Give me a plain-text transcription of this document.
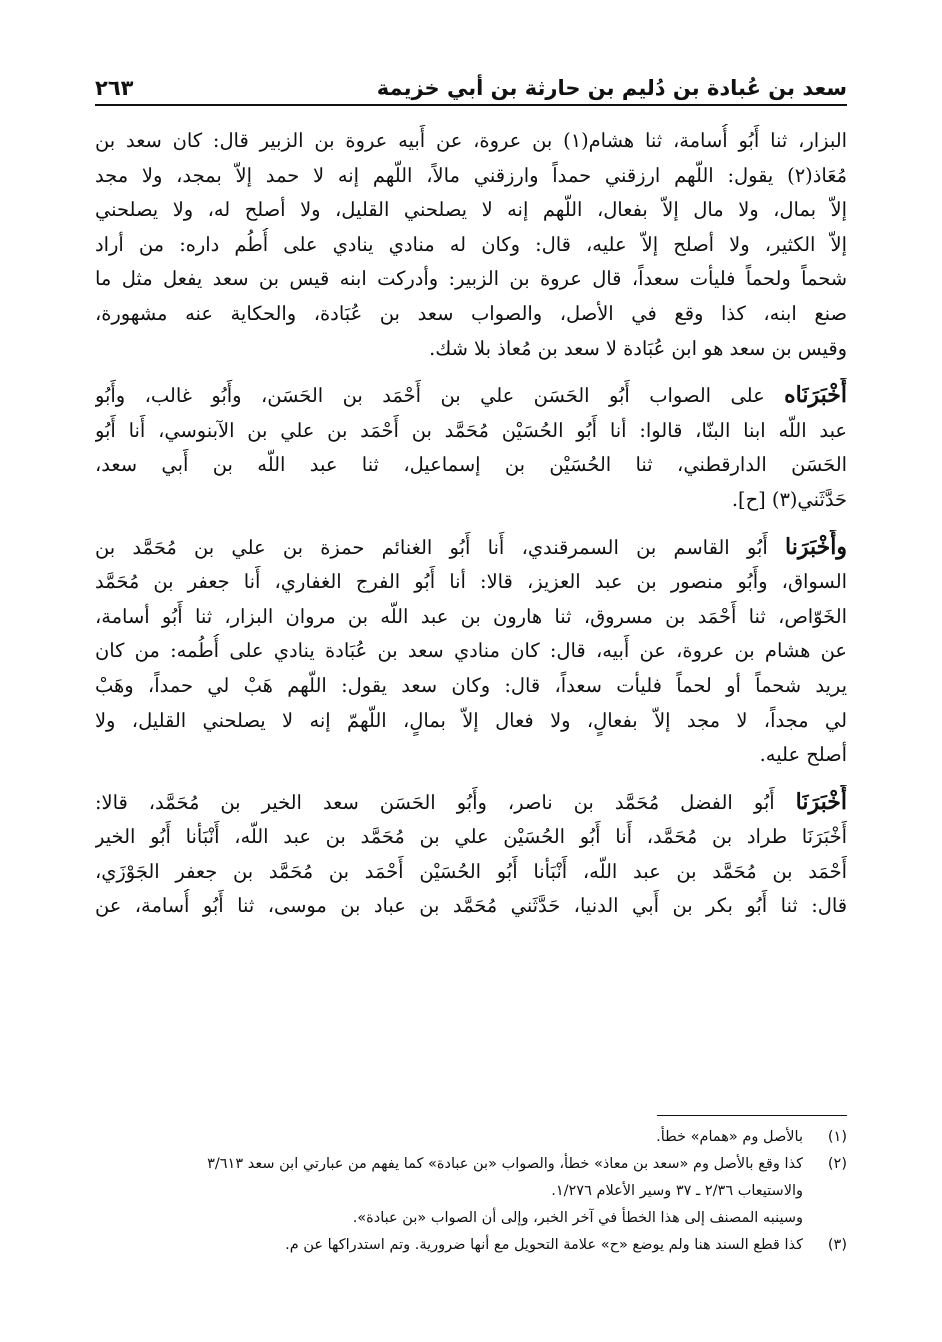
سعد بن عُبادة بن دُليم بن حارثة بن أبي خزيمة
٢٦٣
البزار، ثنا أَبُو أُسامة، ثنا هشام(١) بن عروة، عن أَبيه عروة بن الزبير قال: كان سعد بن
مُعَاذ(٢) يقول: اللّهم ارزقني حمداً وارزقني مالاً، اللّهم إنه لا حمد إلاّ بمجد، ولا مجد
إلاّ بمال، ولا مال إلاّ بفعال، اللّهم إنه لا يصلحني القليل، ولا أصلح له، ولا يصلحني
إلاّ الكثير، ولا أصلح إلاّ عليه، قال: وكان له منادي ينادي على أُطُم داره: من أراد
شحماً ولحماً فليأت سعداً، قال عروة بن الزبير: وأدركت ابنه قيس بن سعد يفعل مثل ما
صنع ابنه، كذا وقع في الأصل، والصواب سعد بن عُبَادة، والحكاية عنه مشهورة،
وقيس بن سعد هو ابن عُبَادة لا سعد بن مُعاذ بلا شك.
أَخْبَرَنَاه على الصواب أَبُو الحَسَن علي بن أَحْمَد بن الحَسَن، وأَبُو غالب، وأَبُو
عبد اللّه ابنا البنّا، قالوا: أنا أَبُو الحُسَيْن مُحَمَّد بن أَحْمَد بن علي بن الآبنوسي، أَنا أَبُو
الحَسَن الدارقطني، ثنا الحُسَيْن بن إسماعيل، ثنا عبد اللّه بن أَبي سعد،
حَدَّثَني(٣) [ح].
وأَخْبَرَنا أَبُو القاسم بن السمرقندي، أَنا أَبُو الغنائم حمزة بن علي بن مُحَمَّد بن
السواق، وأَبُو منصور بن عبد العزيز، قالا: أنا أَبُو الفرج الغفاري، أَنا جعفر بن مُحَمَّد
الخَوّاص، ثنا أَحْمَد بن مسروق، ثنا هارون بن عبد اللّه بن مروان البزار، ثنا أَبُو أسامة،
عن هشام بن عروة، عن أَبيه، قال: كان منادي سعد بن عُبَادة ينادي على أُطُمه: من كان
يريد شحماً أو لحماً فليأت سعداً، قال: وكان سعد يقول: اللّهم هَبْ لي حمداً، وهَبْ
لي مجداً، لا مجد إلاّ بفعالٍ، ولا فعال إلاّ بمالٍ، اللّهمّ إنه لا يصلحني القليل، ولا
أصلح عليه.
أَخْبَرَنَا أَبُو الفضل مُحَمَّد بن ناصر، وأَبُو الحَسَن سعد الخير بن مُحَمَّد، قالا:
أَخْبَرَنَا طراد بن مُحَمَّد، أَنا أَبُو الحُسَيْن علي بن مُحَمَّد بن عبد اللّه، أَنْبَأنا أَبُو الخير
أَحْمَد بن مُحَمَّد بن عبد اللّه، أَنْبَأنا أَبُو الحُسَيْن أَحْمَد بن مُحَمَّد بن جعفر الجَوْزَي،
قال: ثنا أَبُو بكر بن أَبي الدنيا، حَدَّثَني مُحَمَّد بن عباد بن موسى، ثنا أَبُو أُسامة، عن
(١)
بالأصل وم «همام» خطأ.
(٢)
كذا وقع بالأصل وم «سعد بن معاذ» خطأ، والصواب «بن عبادة» كما يفهم من عبارتي ابن سعد ٣/٦١٣
والاستيعاب ٢/٣٦ ـ ٣٧ وسير الأعلام ١/٢٧٦.
وسينبه المصنف إلى هذا الخطأ في آخر الخبر، وإلى أن الصواب «بن عبادة».
(٣)
كذا قطع السند هنا ولم يوضع «ح» علامة التحويل مع أنها ضرورية. وتم استدراكها عن م.
